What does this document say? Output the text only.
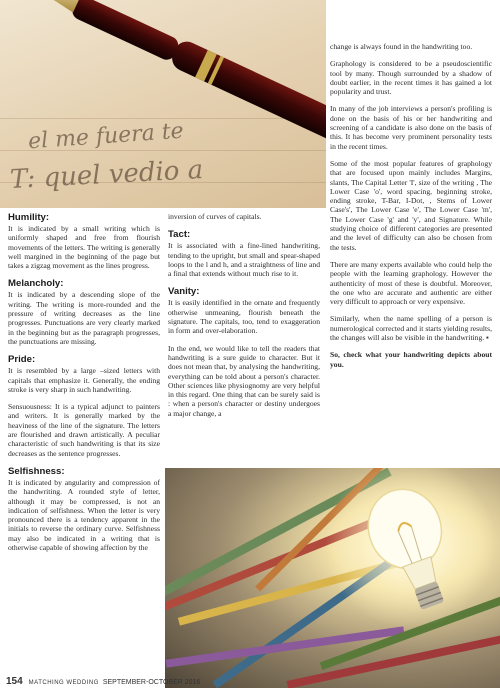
el me fuera te
T: quel vedio a
Humility:

It is indicated by a small writing which is uniformly shaped and free from flourish movements of the letters. The writing is generally well margined in the beginning of the page but takes a zigzag movement as the lines progress.

Melancholy:

It is indicated by a descending slope of the writing. The writing is more-rounded and the pressure of writing decreases as the line progresses. Punctuations are very clearly marked in the beginning but as the paragraph progresses, the punctuations are missing.

Pride:

It is resembled by a large –sized letters with capitals that emphasize it. Generally, the ending stroke is very sharp in such handwriting.

Sensuousness: It is a typical adjunct to painters and writers. It is generally marked by the heaviness of the line of the signature. The letters are flourished and drawn artistically. A peculiar characteristic of such handwriting is that its size decreases as the sentence progresses.

Selfishness:

It is indicated by angularity and compression of the handwriting. A rounded style of letter, although it may be compressed, is not an indication of selfishness. When the letter is very pronounced there is a tendency apparent in the initials to reverse the ordinary curve. Selfishness may also be indicated in a writing that is otherwise capable of showing affection by the

inversion of curves of capitals.

Tact:

It is associated with a fine-lined handwriting, tending to the upright, but small and spear-shaped loops to the l and h, and a straightness of line and a final that extends without much rise to it.

Vanity:

It is easily identified in the ornate and frequently otherwise unmeaning, flourish beneath the signature. The capitals, too, tend to exaggeration in form and over-elaboration.

In the end, we would like to tell the readers that handwriting is a sure guide to character. But it does not mean that, by analysing the handwriting, everything can be told about a person's character. Other sciences like physiognomy are very helpful in this regard. One thing that can be surely said is : when a person's character or destiny undergoes a major change, a

change is always found in the handwriting too.

Graphology is considered to be a pseudoscientific tool by many. Though surrounded by a shadow of doubt earlier, in the recent times it has gained a lot popularity and trust.

In many of the job interviews a person's profiling is done on the basis of his or her handwriting and screening of a candidate is also done on the basis of this. It has become very prominent personality tests in the recent times.

Some of the most popular features of graphology that are focused upon mainly includes Margins, slants, The Capital Letter 'I', size of the writing , The Lower Case 'o', word spacing, beginning stroke, ending stroke, T-Bar, I-Dot, , Stems of Lower Case's', The Lower Case 'e', The Lower Case 'm', The Lower Case 'g' and 'y', and Signature. While studying choice of different categories are presented and the level of difficulty can also be chosen from the tests.

There are many experts available who could help the people with the learning graphology. However the authenticity of most of these is doubtful. Moreover, the one who are accurate and authentic are either very difficult to approach or very expensive.

Similarly, when the name spelling of a person is numerological corrected and it starts yielding results, the changes will also be visible in the handwriting. ▪

So, check what your handwriting depicts about you.

154 MATCHING WEDDING SEPTEMBER-OCTOBER 2016
